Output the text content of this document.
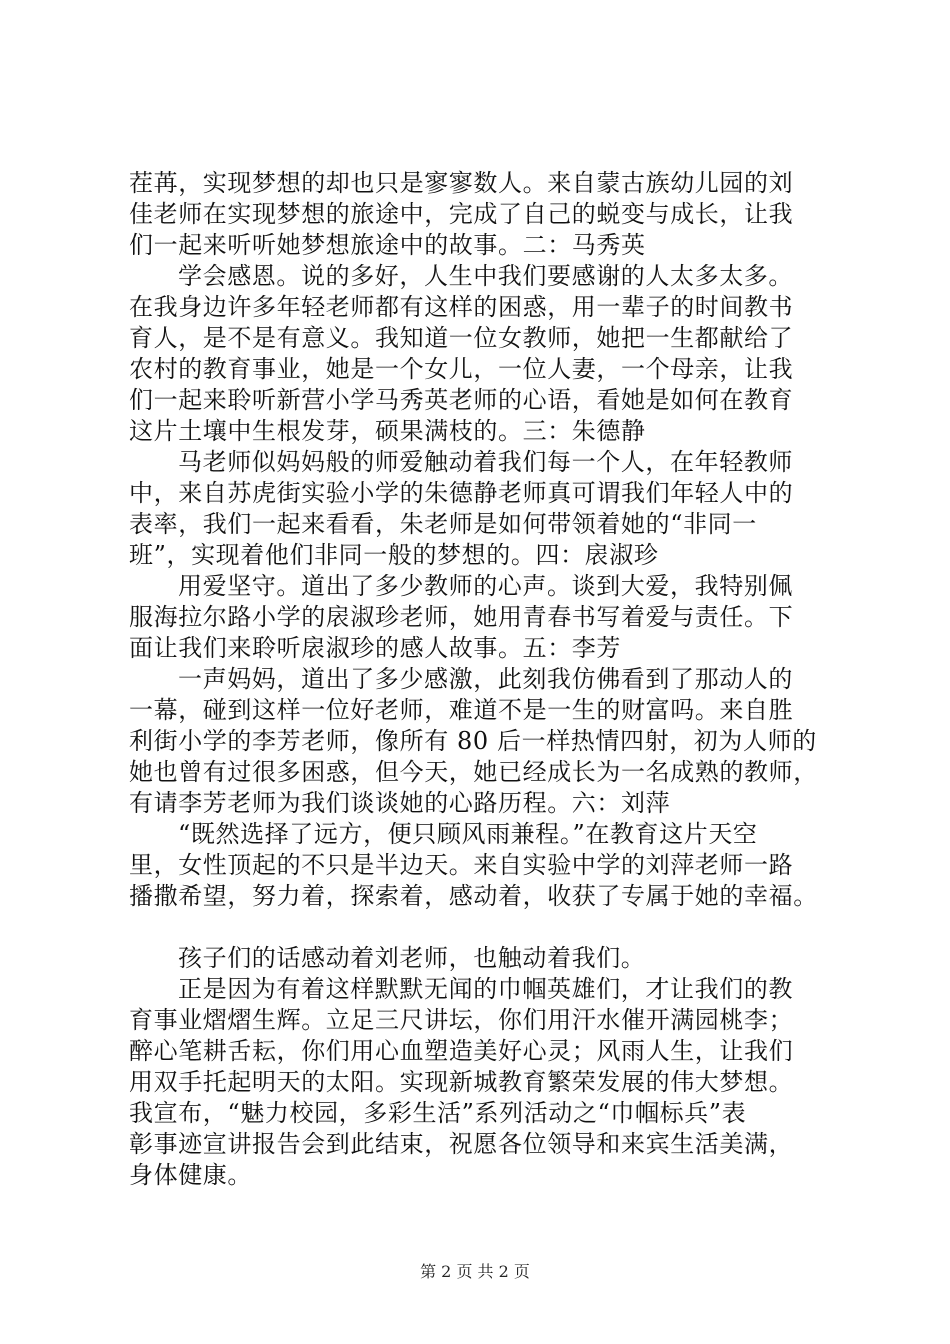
茬苒，实现梦想的却也只是寥寥数人。来自蒙古族幼儿园的刘
佳老师在实现梦想的旅途中，完成了自己的蜕变与成长，让我
们一起来听听她梦想旅途中的故事。二：马秀英
学会感恩。说的多好，人生中我们要感谢的人太多太多。
在我身边许多年轻老师都有这样的困惑，用一辈子的时间教书
育人，是不是有意义。我知道一位女教师，她把一生都献给了
农村的教育事业，她是一个女儿，一位人妻，一个母亲，让我
们一起来聆听新营小学马秀英老师的心语，看她是如何在教育
这片土壤中生根发芽，硕果满枝的。三：朱德静
马老师似妈妈般的师爱触动着我们每一个人，在年轻教师
中，来自苏虎街实验小学的朱德静老师真可谓我们年轻人中的
表率，我们一起来看看，朱老师是如何带领着她的“非同一
班”，实现着他们非同一般的梦想的。四：扆淑珍
用爱坚守。道出了多少教师的心声。谈到大爱，我特别佩
服海拉尔路小学的扆淑珍老师，她用青春书写着爱与责任。下
面让我们来聆听扆淑珍的感人故事。五：李芳
一声妈妈，道出了多少感激，此刻我仿佛看到了那动人的
一幕，碰到这样一位好老师，难道不是一生的财富吗。来自胜
利街小学的李芳老师，像所有 80 后一样热情四射，初为人师的
她也曾有过很多困惑，但今天，她已经成长为一名成熟的教师，
有请李芳老师为我们谈谈她的心路历程。六：刘萍
“既然选择了远方，便只顾风雨兼程。”在教育这片天空
里，女性顶起的不只是半边天。来自实验中学的刘萍老师一路
播撒希望，努力着，探索着，感动着，收获了专属于她的幸福。
孩子们的话感动着刘老师，也触动着我们。
正是因为有着这样默默无闻的巾帼英雄们，才让我们的教
育事业熠熠生辉。立足三尺讲坛，你们用汗水催开满园桃李；
醉心笔耕舌耘，你们用心血塑造美好心灵；风雨人生，让我们
用双手托起明天的太阳。实现新城教育繁荣发展的伟大梦想。
我宣布，“魅力校园，多彩生活”系列活动之“巾帼标兵”表
彰事迹宣讲报告会到此结束，祝愿各位领导和来宾生活美满，
身体健康。
第 2 页 共 2 页
